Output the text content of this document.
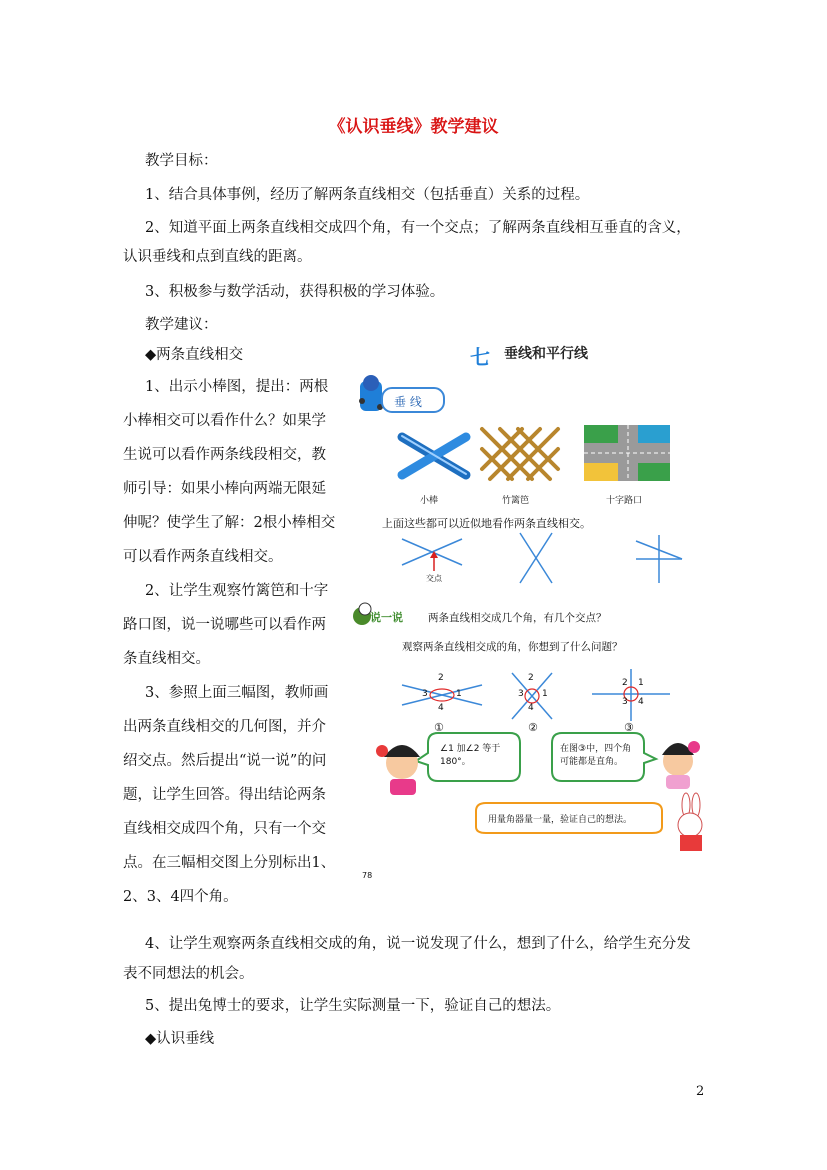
《认识垂线》教学建议
教学目标：
1、结合具体事例，经历了解两条直线相交（包括垂直）关系的过程。
2、知道平面上两条直线相交成四个角，有一个交点；了解两条直线相互垂直的含义，
认识垂线和点到直线的距离。
3、积极参与数学活动，获得积极的学习体验。
教学建议：
◆两条直线相交

1、出示小棒图，提出：两根小棒相交可以看作什么？如果学生说可以看作两条线段相交，教师引导：如果小棒向两端无限延伸呢？使学生了解：2根小棒相交可以看作两条直线相交。

2、让学生观察竹篱笆和十字路口图，说一说哪些可以看作两条直线相交。

3、参照上面三幅图，教师画出两条直线相交的几何图，并介绍交点。然后提出“说一说”的问题，让学生回答。得出结论两条直线相交成四个角，只有一个交点。在三幅相交图上分别标出1、2、3、4四个角。

4、让学生观察两条直线相交成的角，说一说发现了什么，想到了什么，给学生充分发
表不同想法的机会。
5、提出兔博士的要求，让学生实际测量一下，验证自己的想法。
◆认识垂线
2
七 垂线和平行线
垂 线
小棒	竹篱笆	十字路口
上面这些都可以近似地看作两条直线相交。
交点
说一说 两条直线相交成几个角，有几个交点？
观察两条直线相交成的角，你想到了什么问题？
2
3	1
4
2
3 1
4
2 1
3 4
①	②	③
∠1 加∠2 等于 180°。
在图③中，四个角可能都是直角。
用量角器量一量，验证自己的想法。
78
